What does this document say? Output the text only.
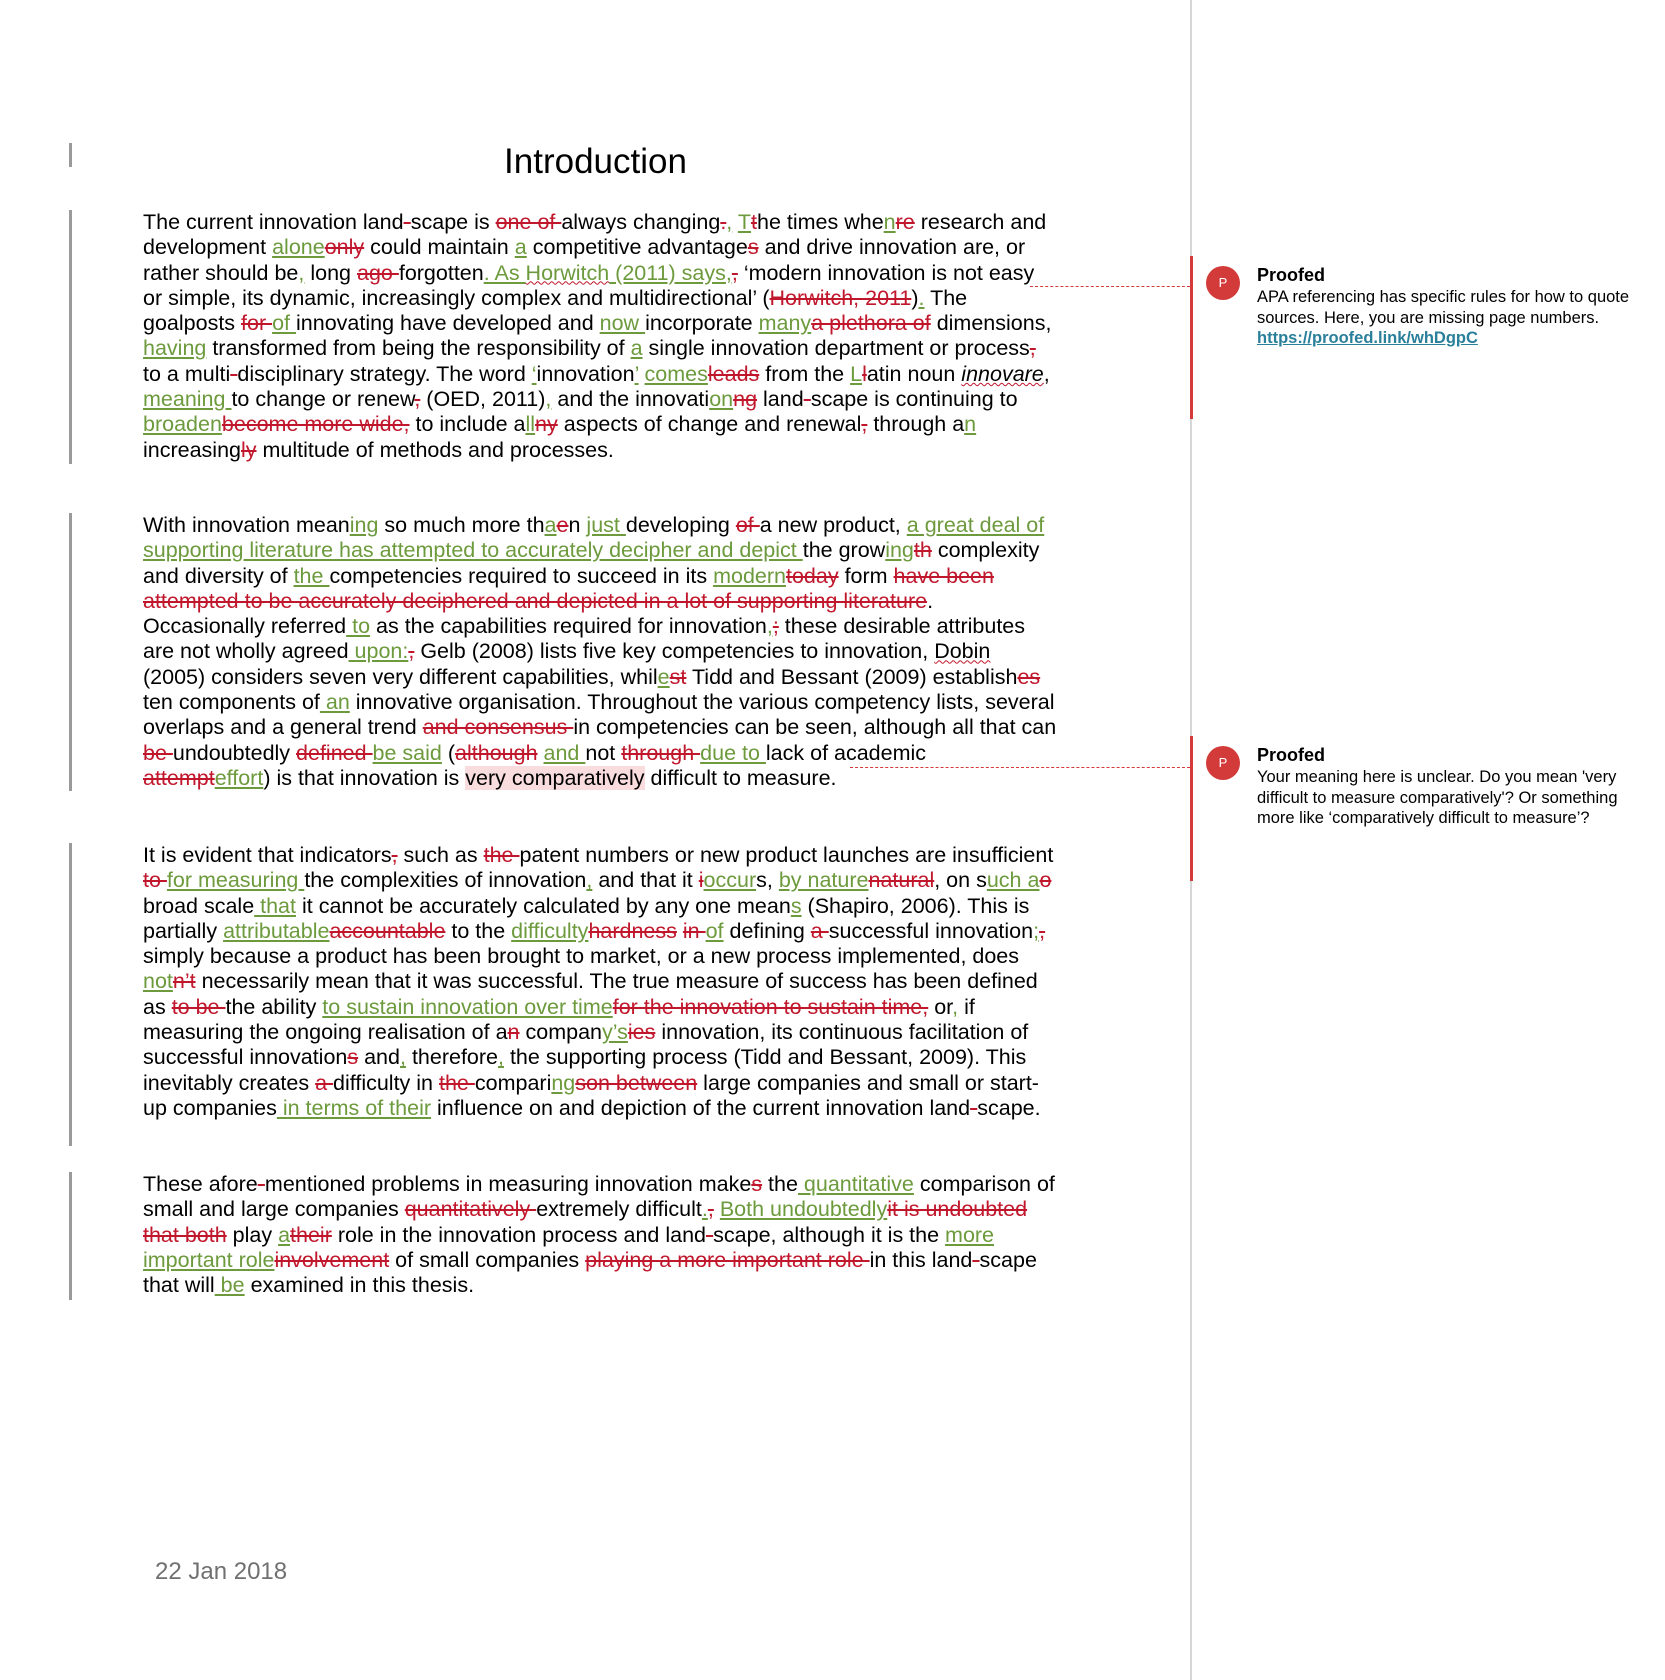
Introduction
The current innovation land-scape is one of always changing., Tthe times whenre research and development aloneonly could maintain a competitive advantages and drive innovation are, or rather should be, long ago forgotten. As Horwitch (2011) says,, ‘modern innovation is not easy or simple, its dynamic, increasingly complex and multidirectional’ (Horwitch, 2011). The goalposts for of innovating have developed and now incorporate manya plethora of dimensions, having transformed from being the responsibility of a single innovation department or process, to a multi-disciplinary strategy. The word ‘innovation’ comesleads from the Llatin noun innovare, meaning to change or renew, (OED, 2011), and the innovationng land-scape is continuing to broadenbecome more wide, to include allny aspects of change and renewal, through an increasingly multitude of methods and processes.
With innovation meaning so much more thaen just developing of a new product, a great deal of supporting literature has attempted to accurately decipher and depict the growingth complexity and diversity of the competencies required to succeed in its moderntoday form have been attempted to be accurately deciphered and depicted in a lot of supporting literature. Occasionally referred to as the capabilities required for innovation,; these desirable attributes are not wholly agreed upon:, Gelb (2008) lists five key competencies to innovation, Dobin (2005) considers seven very different capabilities, whilest Tidd and Bessant (2009) establishes ten components of an innovative organisation. Throughout the various competency lists, several overlaps and a general trend and consensus in competencies can be seen, although all that can be undoubtedly defined be said (although and not through due to lack of academic attempteffort) is that innovation is very comparatively difficult to measure.
It is evident that indicators, such as the patent numbers or new product launches are insufficient to for measuring the complexities of innovation, and that it ioccurs, by naturenatural, on such ao broad scale that it cannot be accurately calculated by any one means (Shapiro, 2006). This is partially attributableaccountable to the difficultyhardness in of defining a successful innovation;, simply because a product has been brought to market, or a new process implemented, does notn’t necessarily mean that it was successful. The true measure of success has been defined as to be the ability to sustain innovation over timefor the innovation to sustain time, or, if measuring the ongoing realisation of an company’sies innovation, its continuous facilitation of successful innovations and, therefore, the supporting process (Tidd and Bessant, 2009). This inevitably creates a difficulty in the comparingson between large companies and small or start-up companies in terms of their influence on and depiction of the current innovation land-scape.
These afore-mentioned problems in measuring innovation makes the quantitative comparison of small and large companies quantitatively extremely difficult., Both undoubtedlyit is undoubted that both play atheir role in the innovation process and land-scape, although it is the more important roleinvolvement of small companies playing a more important role in this land-scape that will be examined in this thesis.
22 Jan 2018
P	Proofed
APA referencing has specific rules for how to quote sources. Here, you are missing page numbers.
https://proofed.link/whDgpC
P	Proofed
Your meaning here is unclear. Do you mean 'very difficult to measure comparatively'? Or something more like ‘comparatively difficult to measure’?
